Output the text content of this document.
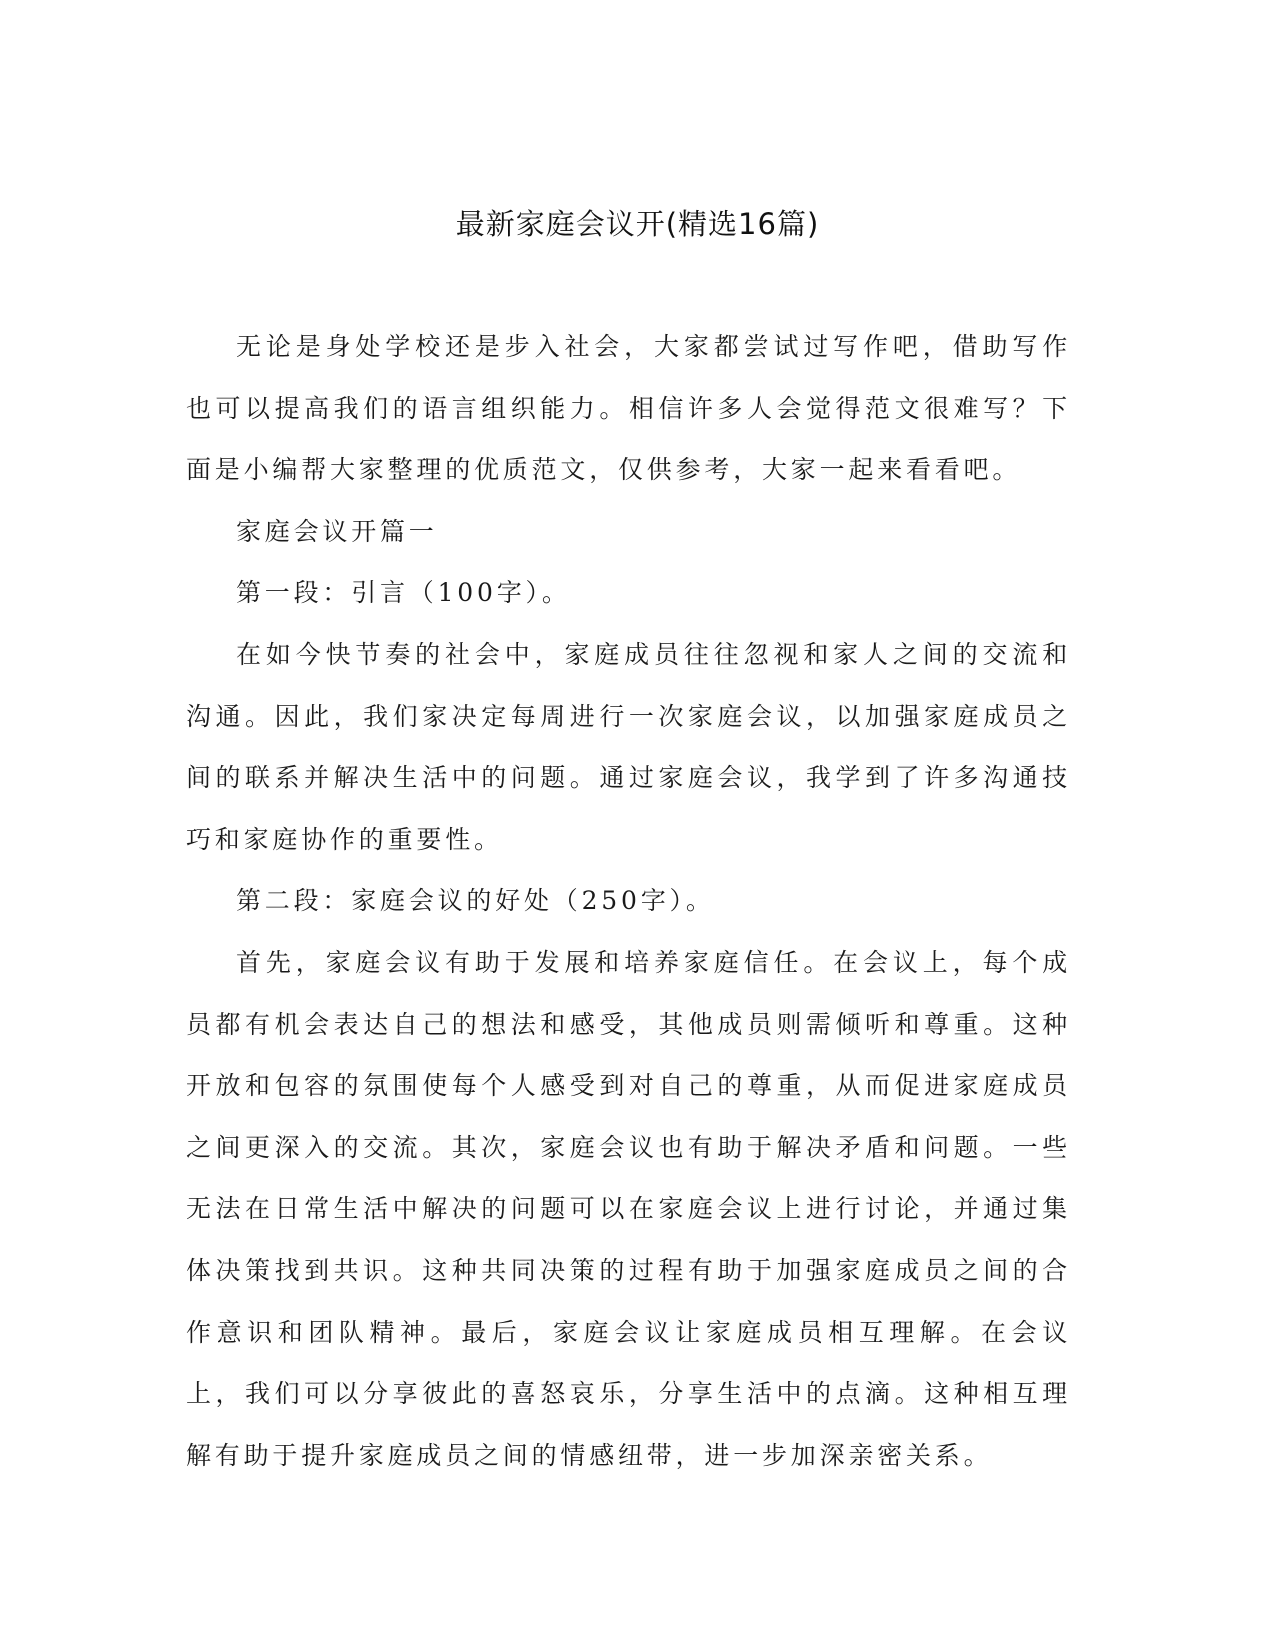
最新家庭会议开(精选16篇)

无论是身处学校还是步入社会，大家都尝试过写作吧，借助写作也可以提高我们的语言组织能力。相信许多人会觉得范文很难写？下面是小编帮大家整理的优质范文，仅供参考，大家一起来看看吧。

家庭会议开篇一

第一段：引言（100字）。

在如今快节奏的社会中，家庭成员往往忽视和家人之间的交流和沟通。因此，我们家决定每周进行一次家庭会议，以加强家庭成员之间的联系并解决生活中的问题。通过家庭会议，我学到了许多沟通技巧和家庭协作的重要性。

第二段：家庭会议的好处（250字）。

首先，家庭会议有助于发展和培养家庭信任。在会议上，每个成员都有机会表达自己的想法和感受，其他成员则需倾听和尊重。这种开放和包容的氛围使每个人感受到对自己的尊重，从而促进家庭成员之间更深入的交流。其次，家庭会议也有助于解决矛盾和问题。一些无法在日常生活中解决的问题可以在家庭会议上进行讨论，并通过集体决策找到共识。这种共同决策的过程有助于加强家庭成员之间的合作意识和团队精神。最后，家庭会议让家庭成员相互理解。在会议上，我们可以分享彼此的喜怒哀乐，分享生活中的点滴。这种相互理解有助于提升家庭成员之间的情感纽带，进一步加深亲密关系。
